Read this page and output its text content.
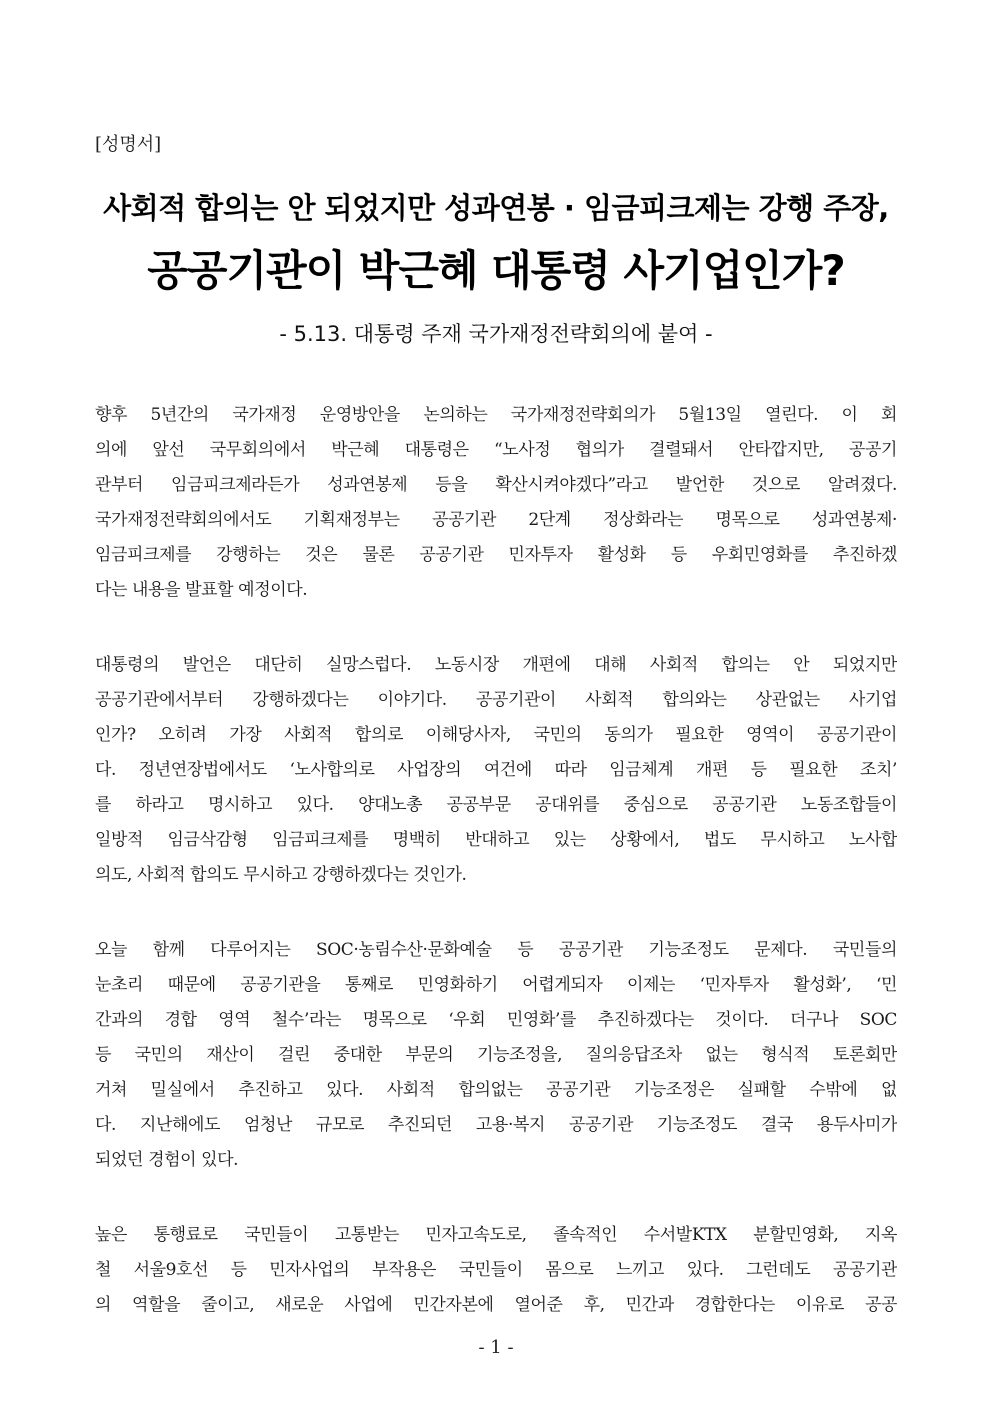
[성명서]
사회적 합의는 안 되었지만 성과연봉 · 임금피크제는 강행 주장,
공공기관이 박근혜 대통령 사기업인가?
- 5.13. 대통령 주재 국가재정전략회의에 붙여 -
향후 5년간의 국가재정 운영방안을 논의하는 국가재정전략회의가 5월13일 열린다. 이 회
의에 앞선 국무회의에서 박근혜 대통령은 “노사정 협의가 결렬돼서 안타깝지만, 공공기
관부터 임금피크제라든가 성과연봉제 등을 확산시켜야겠다”라고 발언한 것으로 알려졌다.
국가재정전략회의에서도 기획재정부는 공공기관 2단계 정상화라는 명목으로 성과연봉제·
임금피크제를 강행하는 것은 물론 공공기관 민자투자 활성화 등 우회민영화를 추진하겠
다는 내용을 발표할 예정이다.
대통령의 발언은 대단히 실망스럽다. 노동시장 개편에 대해 사회적 합의는 안 되었지만
공공기관에서부터 강행하겠다는 이야기다. 공공기관이 사회적 합의와는 상관없는 사기업
인가? 오히려 가장 사회적 합의로 이해당사자, 국민의 동의가 필요한 영역이 공공기관이
다. 정년연장법에서도 ‘노사합의로 사업장의 여건에 따라 임금체계 개편 등 필요한 조치’
를 하라고 명시하고 있다. 양대노총 공공부문 공대위를 중심으로 공공기관 노동조합들이
일방적 임금삭감형 임금피크제를 명백히 반대하고 있는 상황에서, 법도 무시하고 노사합
의도, 사회적 합의도 무시하고 강행하겠다는 것인가.
오늘 함께 다루어지는 SOC·농림수산·문화예술 등 공공기관 기능조정도 문제다. 국민들의
눈초리 때문에 공공기관을 통째로 민영화하기 어렵게되자 이제는 ‘민자투자 활성화’, ‘민
간과의 경합 영역 철수’라는 명목으로 ‘우회 민영화’를 추진하겠다는 것이다. 더구나 SOC
등 국민의 재산이 걸린 중대한 부문의 기능조정을, 질의응답조차 없는 형식적 토론회만
거쳐 밀실에서 추진하고 있다. 사회적 합의없는 공공기관 기능조정은 실패할 수밖에 없
다. 지난해에도 엄청난 규모로 추진되던 고용·복지 공공기관 기능조정도 결국 용두사미가
되었던 경험이 있다.
높은 통행료로 국민들이 고통받는 민자고속도로, 졸속적인 수서발KTX 분할민영화, 지옥
철 서울9호선 등 민자사업의 부작용은 국민들이 몸으로 느끼고 있다. 그런데도 공공기관
의 역할을 줄이고, 새로운 사업에 민간자본에 열어준 후, 민간과 경합한다는 이유로 공공
- 1 -
